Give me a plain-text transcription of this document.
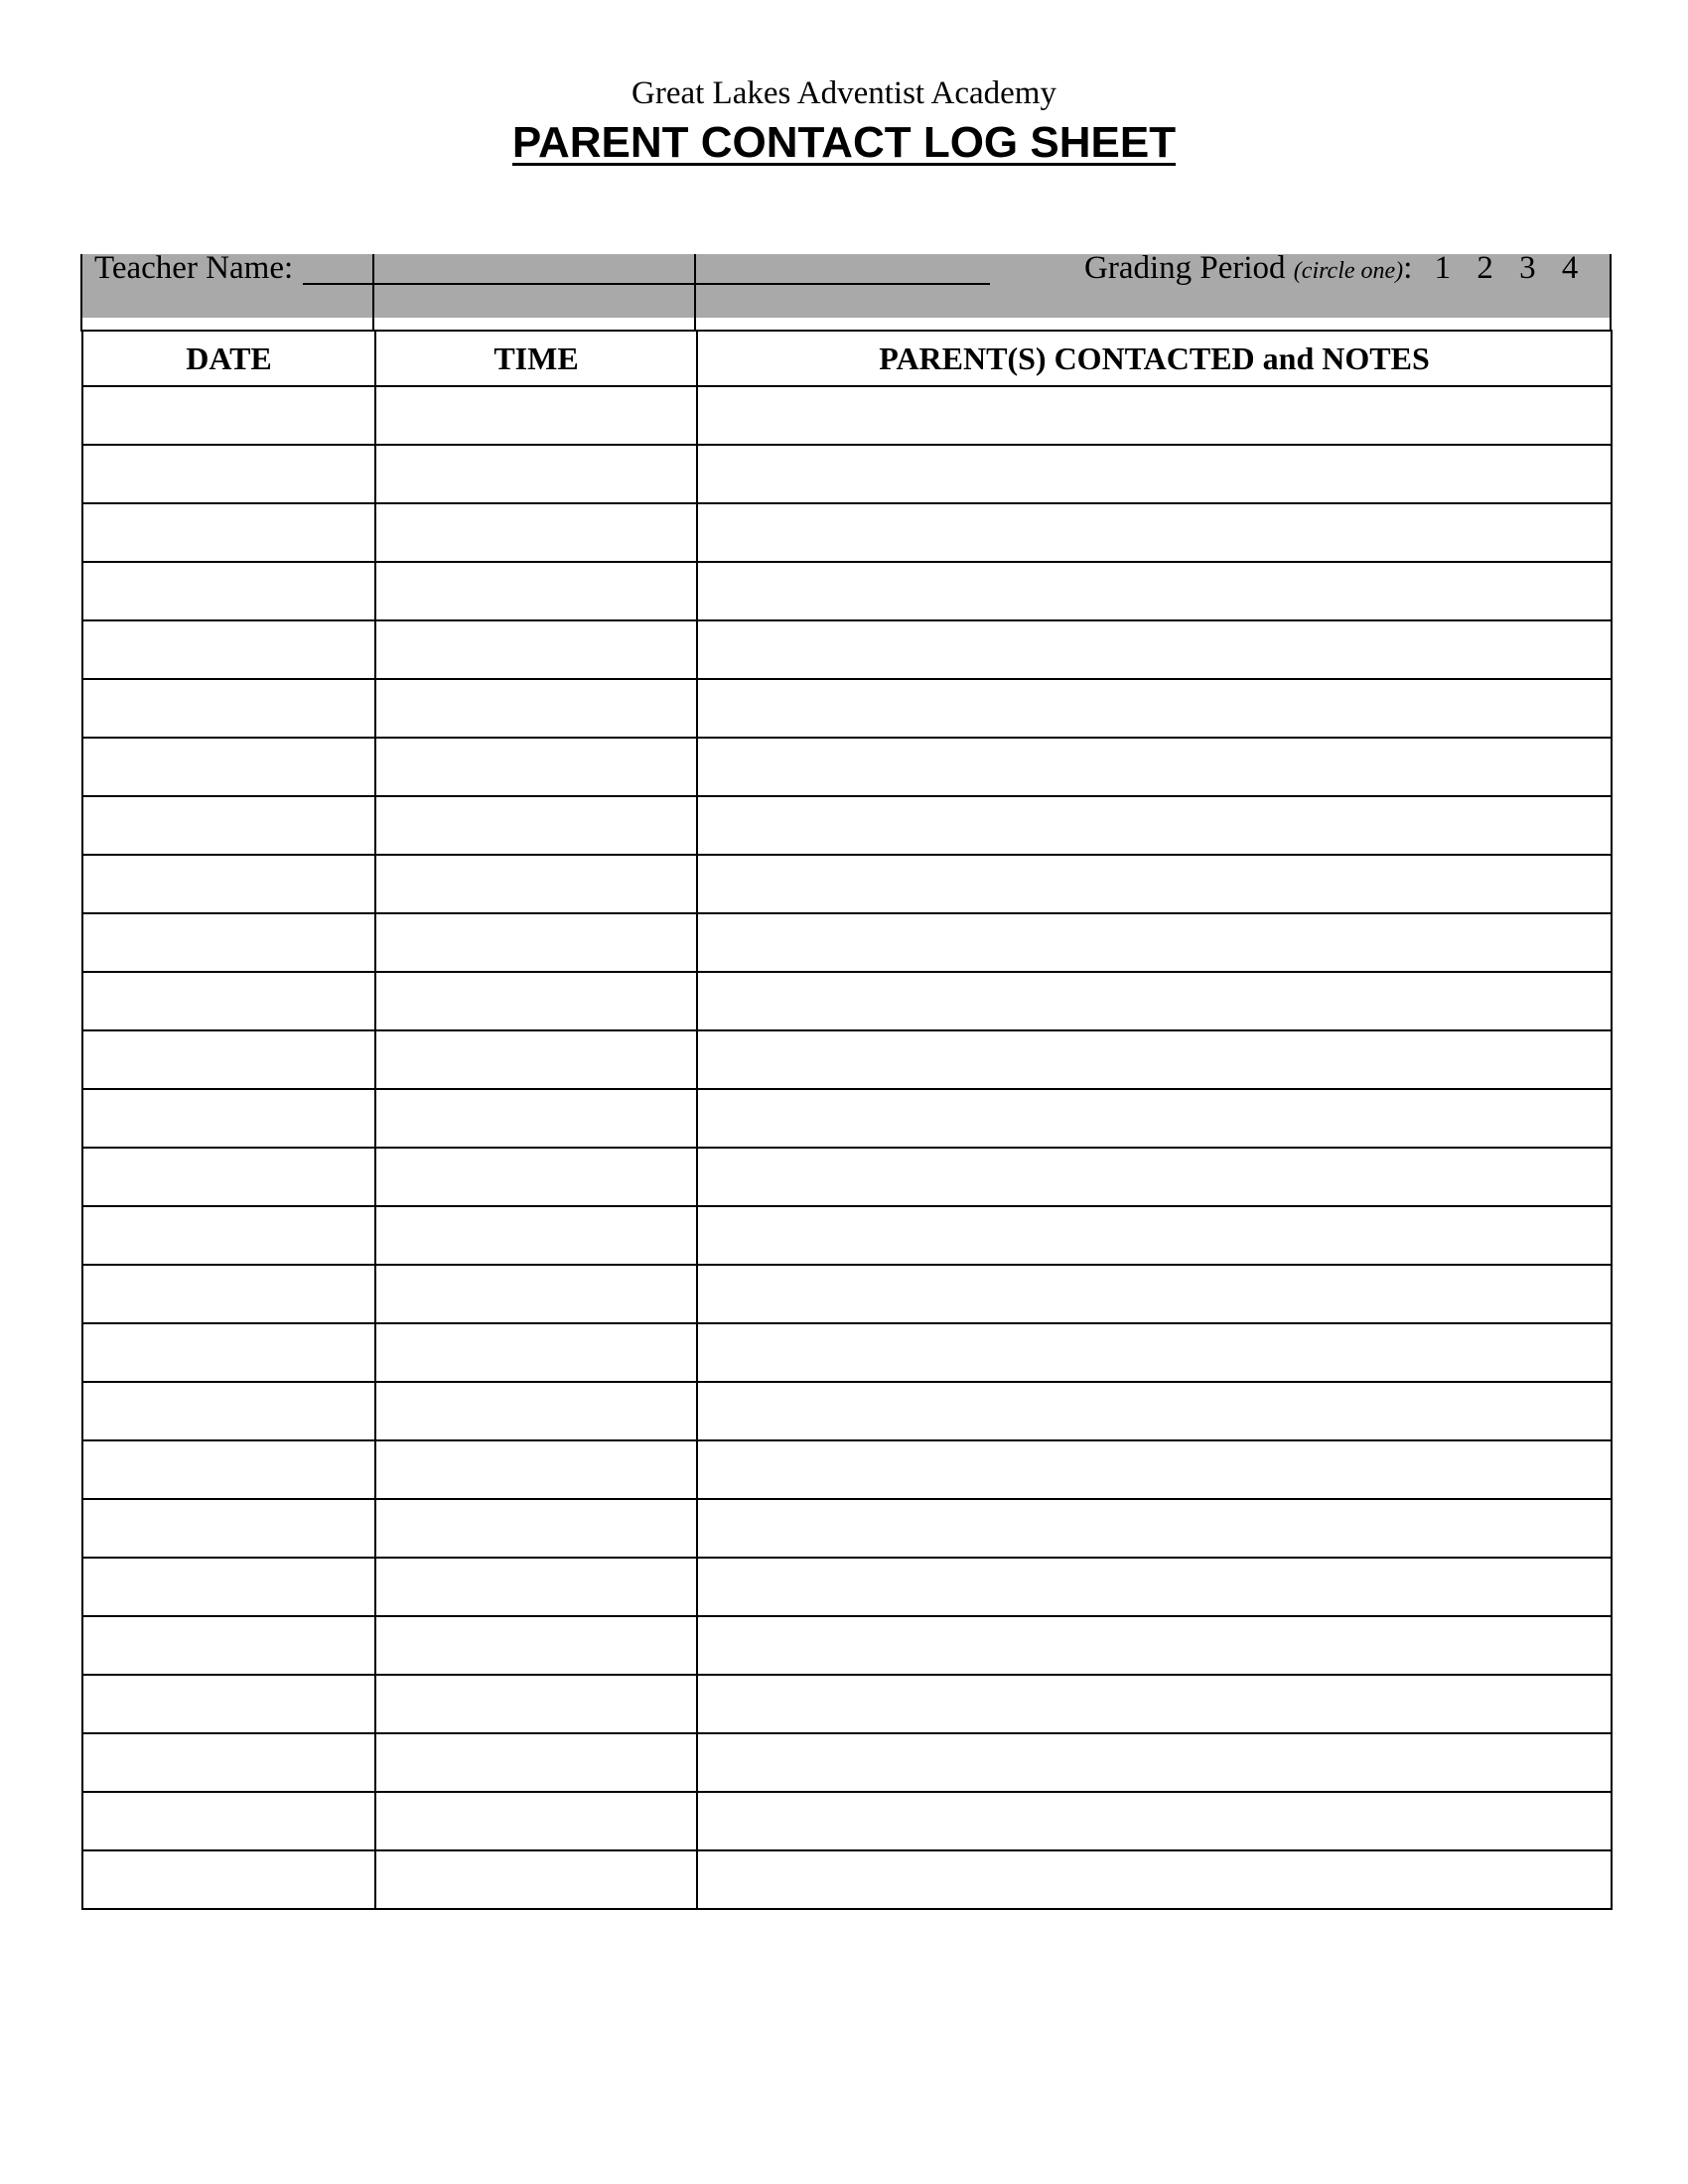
Great Lakes Adventist Academy
PARENT CONTACT LOG SHEET
Teacher Name:	Grading Period (circle one): 1 2 3 4
DATE	TIME	PARENT(S) CONTACTED and NOTES
